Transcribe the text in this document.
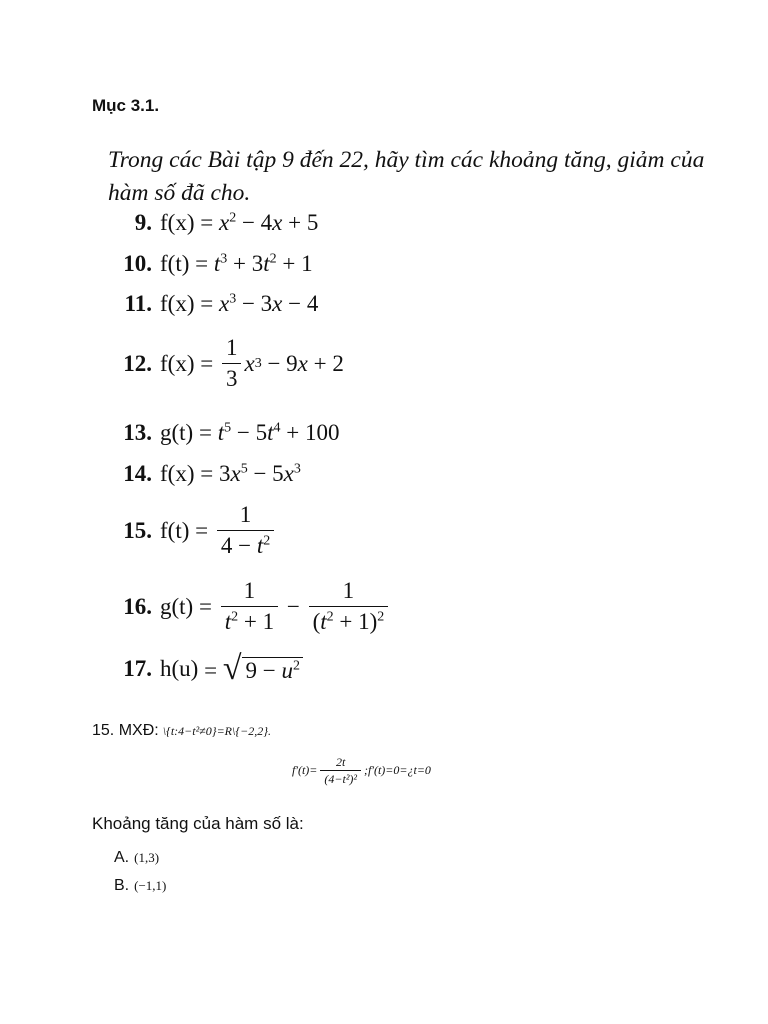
Mục 3.1.
Trong các Bài tập 9 đến 22, hãy tìm các khoảng tăng, giảm của hàm số đã cho.
9. $f(x) = x^2 - 4x + 5$
10. $f(t) = t^3 + 3t^2 + 1$
11. $f(x) = x^3 - 3x - 4$
12. $f(x) = \frac{1}{3}$ x 3 − 9 x + 2
13. $g(t) = t^5 - 5t^4 + 100$
14. $f(x) = 3x^5 - 5x^3$
15. $f(t) = \frac{1}{4 - t^2}$
16. $g(t) = \frac{1}{t^2 + 1} - \frac{1}{(t^2 + 1)^2}$
17. h(u) = √ $9 - u^2$
15. MXĐ: \{t:4−t²≠0}=R\{−2,2}.
$f'(t)= \frac{2t}{\text{(4−t²)²}}$ ;f′(t)=0=¿t=0
Khoảng tăng của hàm số là:
A. (1,3)
B. (−1,1)
